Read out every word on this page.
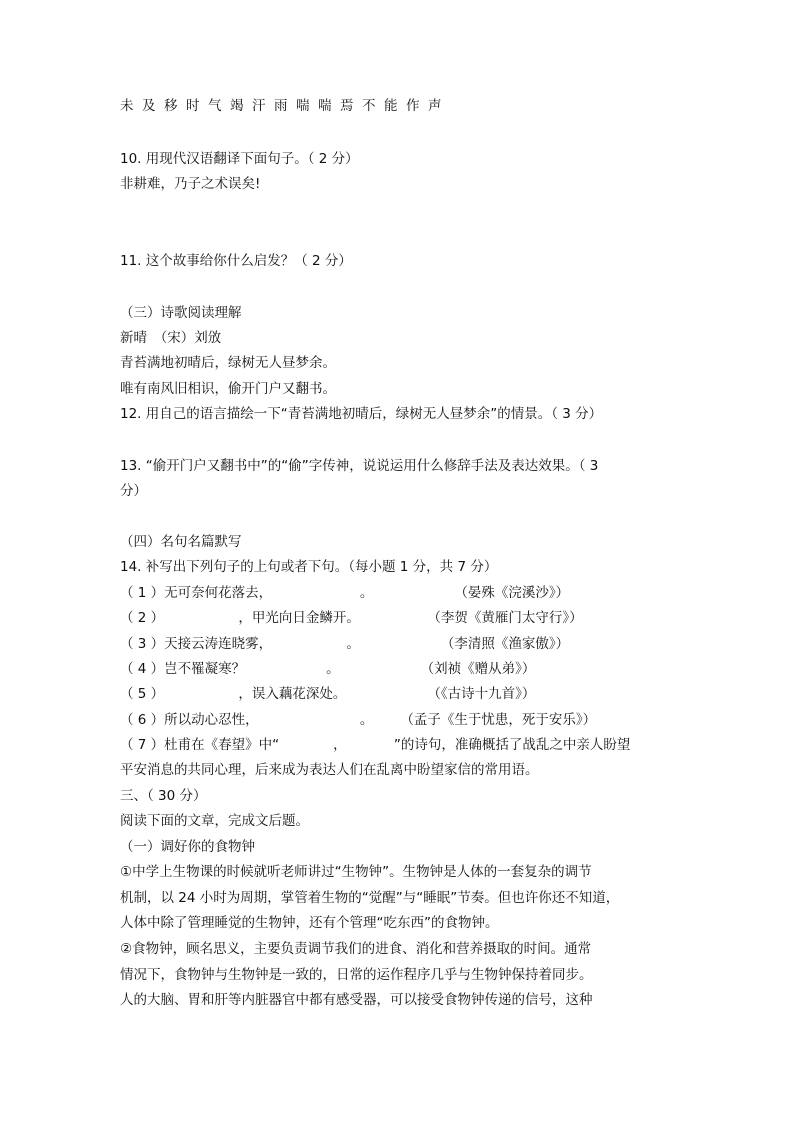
未及移时气竭汗雨喘喘焉不能作声
10. 用现代汉语翻译下面句子。（ 2 分）
非耕难，乃子之术误矣!
11. 这个故事给你什么启发？（ 2 分）
（三）诗歌阅读理解
新晴　（宋）刘攽
青苔满地初晴后，绿树无人昼梦余。
唯有南风旧相识，偷开门户又翻书。
12. 用自己的语言描绘一下“青苔满地初晴后，绿树无人昼梦余”的情景。（ 3 分）
13. “偷开门户又翻书中”的“偷”字传神，说说运用什么修辞手法及表达效果。（ 3
分）
（四）名句名篇默写
14. 补写出下列句子的上句或者下句。（每小题 1 分，共 7 分）
（ 1 ）无可奈何花落去，　　　　　　　。　　　　　　　（晏殊《浣溪沙》）
（ 2 ）　　　　　　，甲光向日金鳞开。　　　　　　（李贺《黄雁门太守行》）
（ 3 ）天接云涛连晓雾，　　　　　　。　　　　　　　（李清照《渔家傲》）
（ 4 ）岂不罹凝寒？　　　　　　。　　　　　　　（刘祯《赠从弟》）
（ 5 ）　　　　　　，误入藕花深处。　　　　　　　（《古诗十九首》）
（ 6 ）所以动心忍性，　　　　　　　　。　　　（孟子《生于忧患，死于安乐》）
（ 7 ）杜甫在《春望》中“　　　　，　　　　”的诗句，准确概括了战乱之中亲人盼望
平安消息的共同心理，后来成为表达人们在乱离中盼望家信的常用语。
三、（ 30 分）
阅读下面的文章，完成文后题。
（一）调好你的食物钟
①中学上生物课的时候就听老师讲过“生物钟”。生物钟是人体的一套复杂的调节
机制，以 24 小时为周期，掌管着生物的“觉醒”与“睡眠”节奏。但也许你还不知道，
人体中除了管理睡觉的生物钟，还有个管理“吃东西”的食物钟。
②食物钟，顾名思义，主要负责调节我们的进食、消化和营养摄取的时间。通常
情况下，食物钟与生物钟是一致的，日常的运作程序几乎与生物钟保持着同步。
人的大脑、胃和肝等内脏器官中都有感受器，可以接受食物钟传递的信号，这种
